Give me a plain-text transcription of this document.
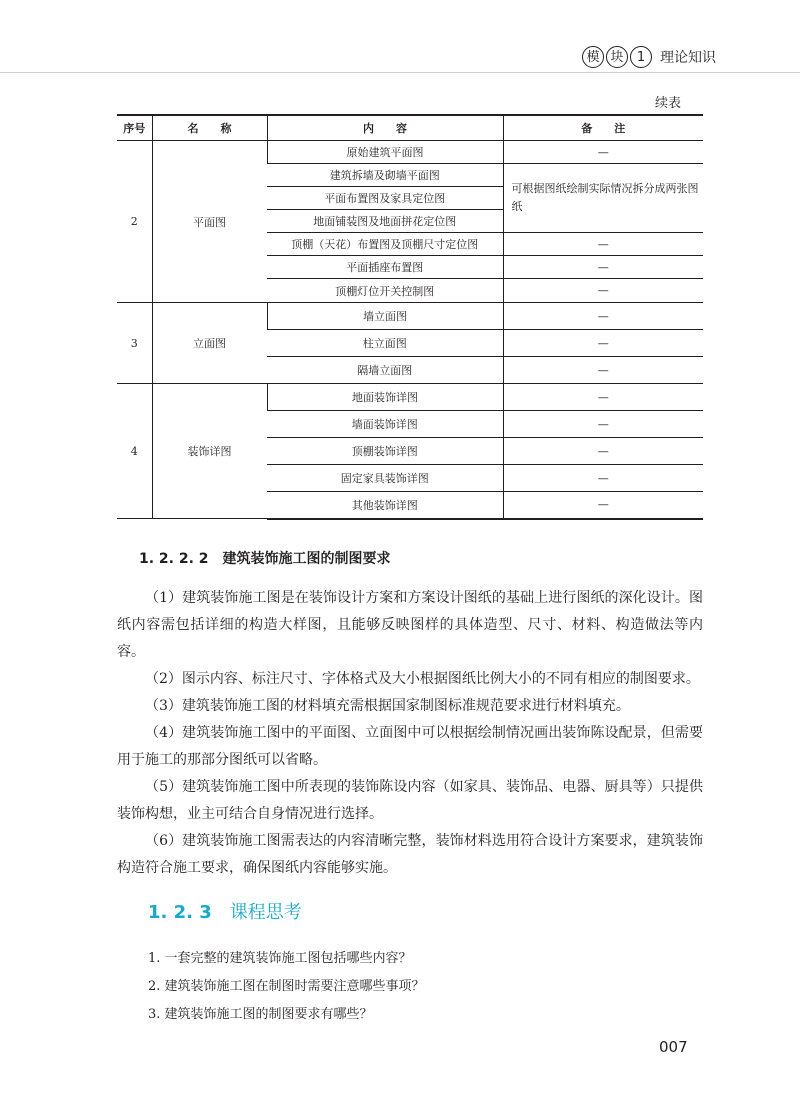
模 块	1	理论知识
续表
序号	名　　称	内　　容	备　　注
2	平面图	原始建筑平面图	—
		建筑拆墙及砌墙平面图	可根据图纸绘制实际情况拆分成两张图纸
		平面布置图及家具定位图	
		地面铺装图及地面拼花定位图	
		顶棚（天花）布置图及顶棚尺寸定位图	—
		平面插座布置图	—
		顶棚灯位开关控制图	—
3	立面图	墙立面图	—
		柱立面图	—
		隔墙立面图	—
4	装饰详图	地面装饰详图	—
		墙面装饰详图	—
		顶棚装饰详图	—
		固定家具装饰详图	—
		其他装饰详图	—
1. 2. 2. 2 建筑装饰施工图的制图要求

（1）建筑装饰施工图是在装饰设计方案和方案设计图纸的基础上进行图纸的深化设计。图纸内容需包括详细的构造大样图，且能够反映图样的具体造型、尺寸、材料、构造做法等内容。

（2）图示内容、标注尺寸、字体格式及大小根据图纸比例大小的不同有相应的制图要求。

（3）建筑装饰施工图的材料填充需根据国家制图标准规范要求进行材料填充。

（4）建筑装饰施工图中的平面图、立面图中可以根据绘制情况画出装饰陈设配景，但需要用于施工的那部分图纸可以省略。

（5）建筑装饰施工图中所表现的装饰陈设内容（如家具、装饰品、电器、厨具等）只提供装饰构想，业主可结合自身情况进行选择。

（6）建筑装饰施工图需表达的内容清晰完整，装饰材料选用符合设计方案要求，建筑装饰构造符合施工要求，确保图纸内容能够实施。

1. 2. 3 课程思考
1. 一套完整的建筑装饰施工图包括哪些内容？
2. 建筑装饰施工图在制图时需要注意哪些事项？
3. 建筑装饰施工图的制图要求有哪些？
007
